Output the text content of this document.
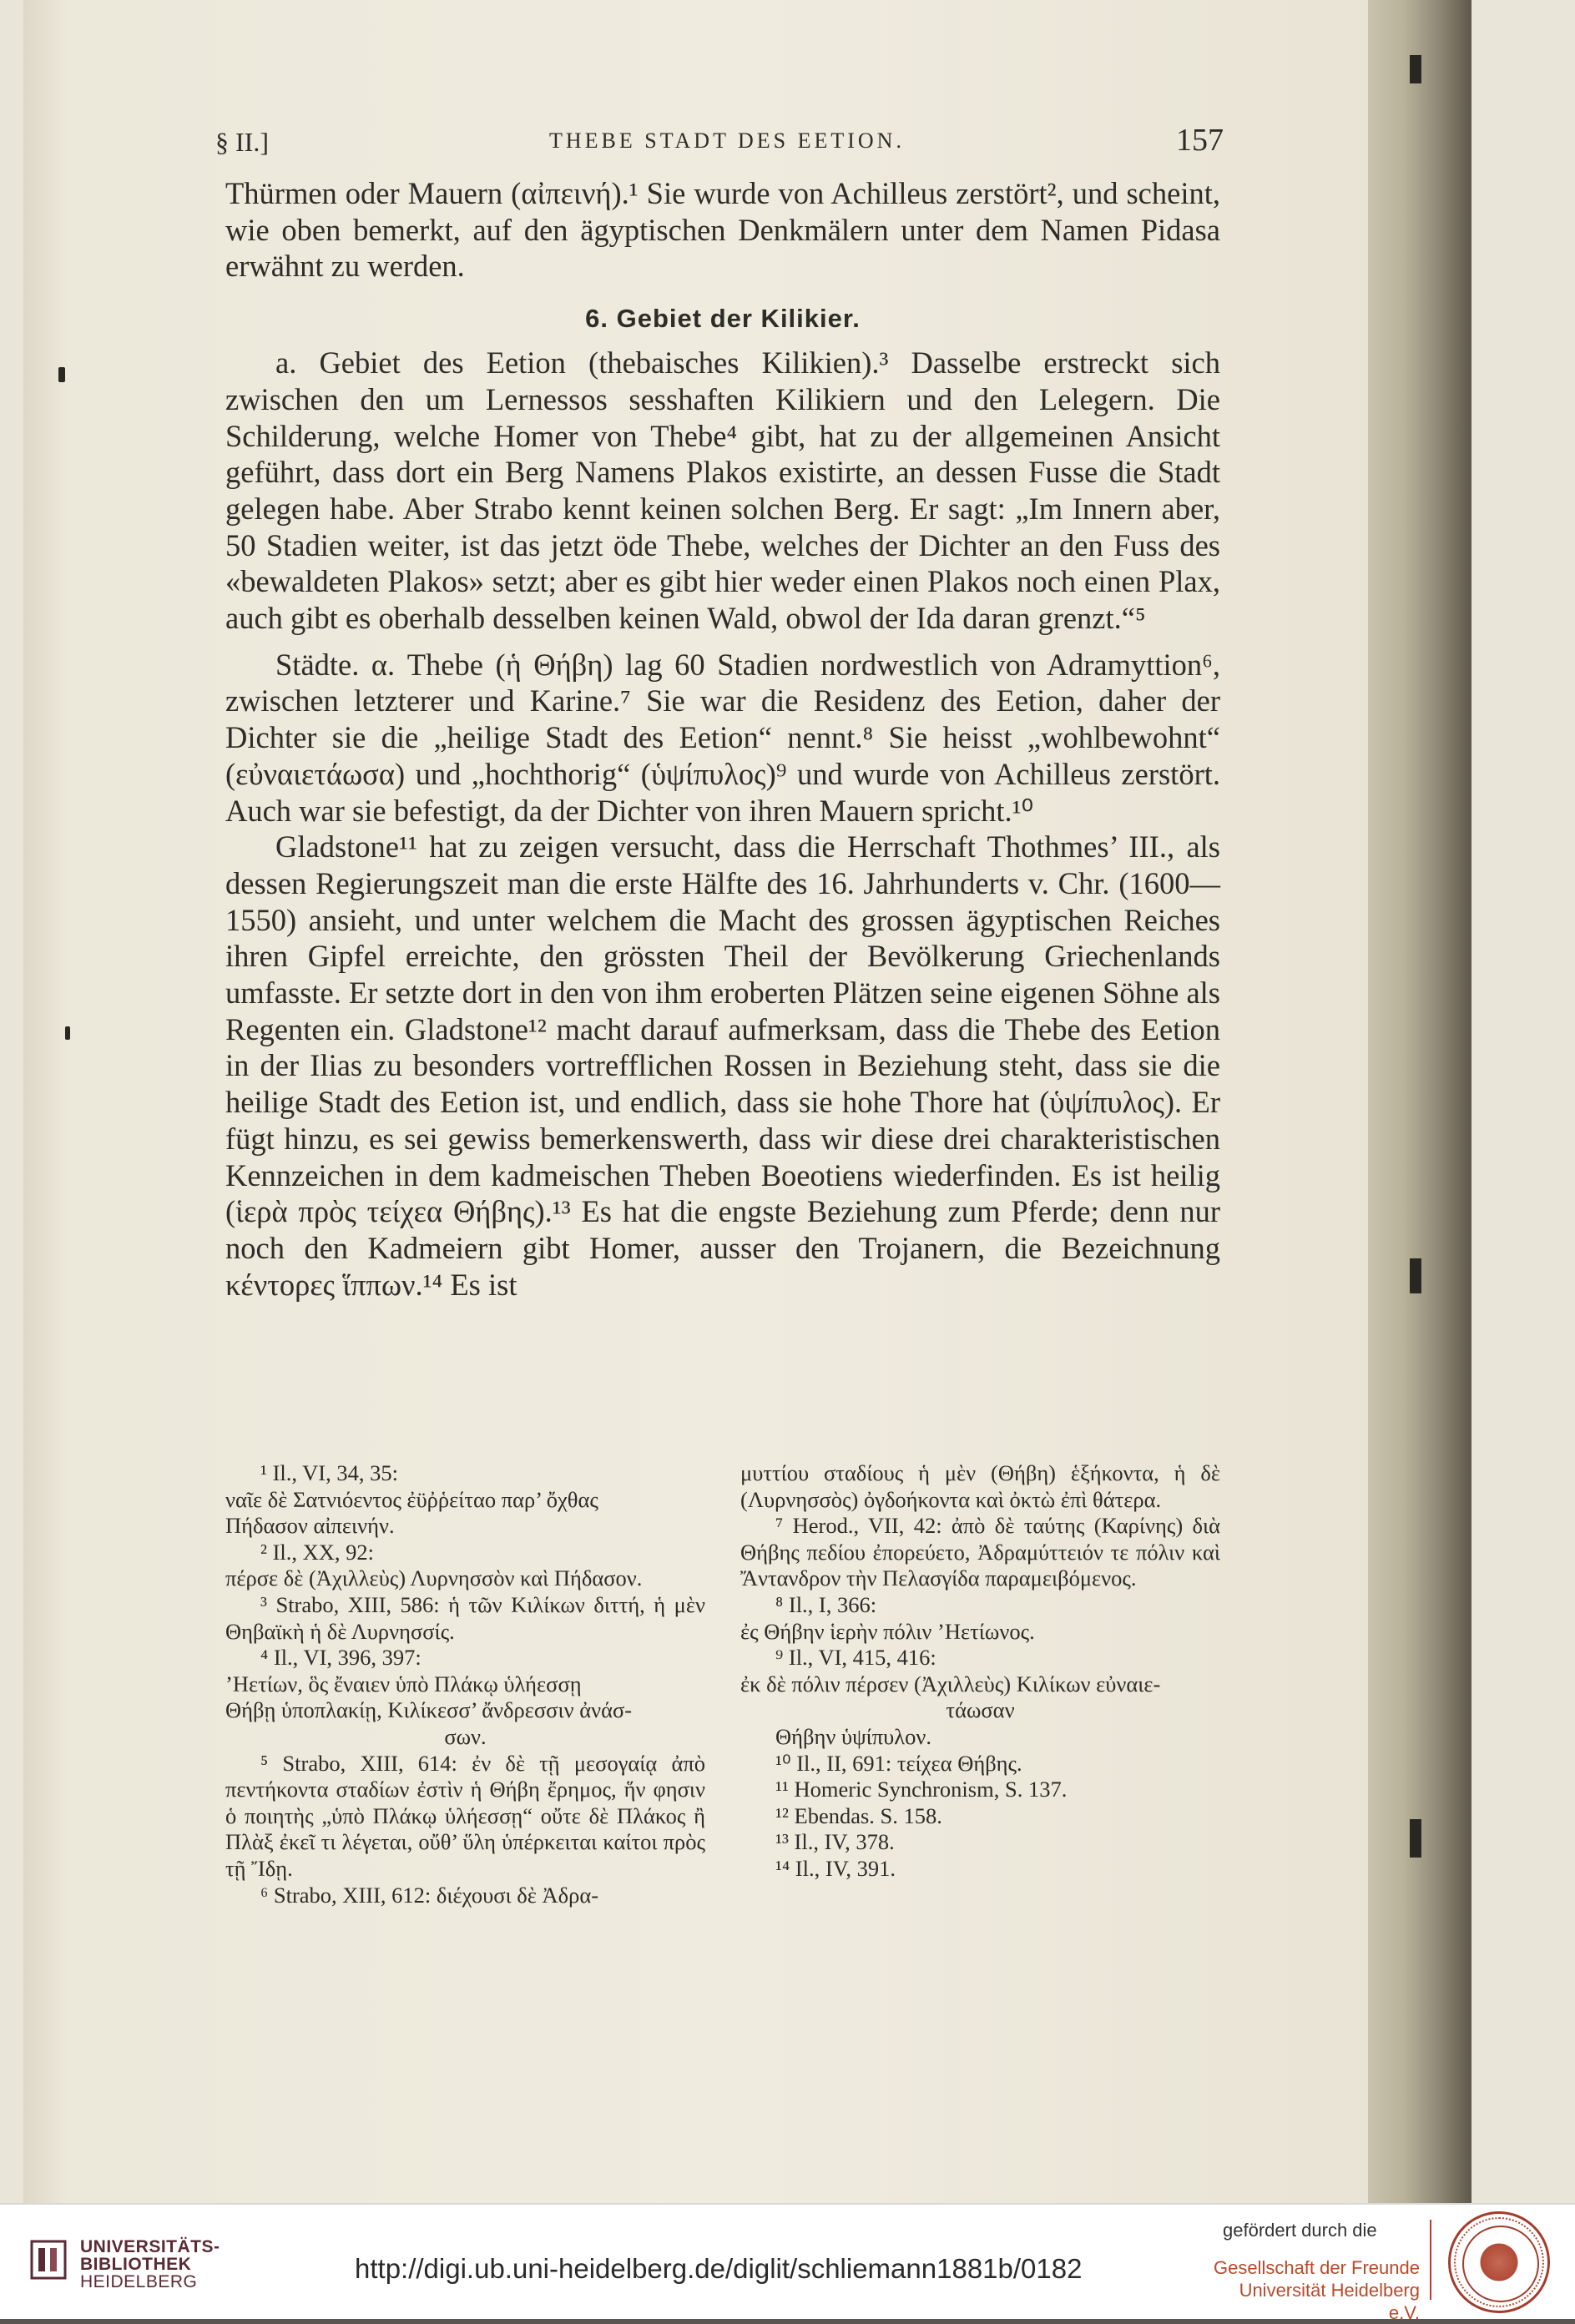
§ II.]	THEBE STADT DES EETION.	157

Thürmen oder Mauern (αἰπεινή).¹ Sie wurde von Achilleus zerstört², und scheint, wie oben bemerkt, auf den ägyptischen Denkmälern unter dem Namen Pidasa erwähnt zu werden.

6. Gebiet der Kilikier.

a. Gebiet des Eetion (thebaisches Kilikien).³ Dasselbe erstreckt sich zwischen den um Lernessos sesshaften Kilikiern und den Lelegern. Die Schilderung, welche Homer von Thebe⁴ gibt, hat zu der allgemeinen Ansicht geführt, dass dort ein Berg Namens Plakos existirte, an dessen Fusse die Stadt gelegen habe. Aber Strabo kennt keinen solchen Berg. Er sagt: „Im Innern aber, 50 Stadien weiter, ist das jetzt öde Thebe, welches der Dichter an den Fuss des «bewaldeten Plakos» setzt; aber es gibt hier weder einen Plakos noch einen Plax, auch gibt es oberhalb desselben keinen Wald, obwol der Ida daran grenzt.“⁵

Städte. α. Thebe (ἡ Θήβη) lag 60 Stadien nordwestlich von Adramyttion⁶, zwischen letzterer und Karine.⁷ Sie war die Residenz des Eetion, daher der Dichter sie die „heilige Stadt des Eetion“ nennt.⁸ Sie heisst „wohlbewohnt“ (εὐναιετάωσα) und „hochthorig“ (ὑψίπυλος)⁹ und wurde von Achilleus zerstört. Auch war sie befestigt, da der Dichter von ihren Mauern spricht.¹⁰

Gladstone¹¹ hat zu zeigen versucht, dass die Herrschaft Thothmes’ III., als dessen Regierungszeit man die erste Hälfte des 16. Jahrhunderts v. Chr. (1600—1550) ansieht, und unter welchem die Macht des grossen ägyptischen Reiches ihren Gipfel erreichte, den grössten Theil der Bevölkerung Griechenlands umfasste. Er setzte dort in den von ihm eroberten Plätzen seine eigenen Söhne als Regenten ein. Gladstone¹² macht darauf aufmerksam, dass die Thebe des Eetion in der Ilias zu besonders vortrefflichen Rossen in Beziehung steht, dass sie die heilige Stadt des Eetion ist, und endlich, dass sie hohe Thore hat (ὑψίπυλος). Er fügt hinzu, es sei gewiss bemerkenswerth, dass wir diese drei charakteristischen Kennzeichen in dem kadmeischen Theben Boeotiens wiederfinden. Es ist heilig (ἱερὰ πρὸς τείχεα Θήβης).¹³ Es hat die engste Beziehung zum Pferde; denn nur noch den Kadmeiern gibt Homer, ausser den Trojanern, die Bezeichnung κέντορες ἵππων.¹⁴ Es ist

¹ Il., VI, 34, 35:
ναῖε δὲ Σατνιόεντος ἐϋῤῥείταο παρ’ ὄχθας
Πήδασον αἰπεινήν.
² Il., XX, 92:
πέρσε δὲ (Ἀχιλλεὺς) Λυρνησσὸν καὶ Πήδασον.
³ Strabo, XIII, 586: ἡ τῶν Κιλίκων διττή, ἡ μὲν Θηβαϊκὴ ἡ δὲ Λυρνησσίς.
⁴ Il., VI, 396, 397:
’Ηετίων, ὃς ἔναιεν ὑπὸ Πλάκῳ ὑλήεσσῃ
Θήβῃ ὑποπλακίῃ, Κιλίκεσσ’ ἄνδρεσσιν ἀνάσ-
σων.
⁵ Strabo, XIII, 614: ἐν δὲ τῇ μεσογαίᾳ ἀπὸ πεντήκοντα σταδίων ἐστὶν ἡ Θήβη ἔρημος, ἥν φησιν ὁ ποιητὴς „ὑπὸ Πλάκῳ ὑλήεσσῃ“ οὔτε δὲ Πλάκος ἢ Πλὰξ ἐκεῖ τι λέγεται, οὔθ’ ὕλη ὑπέρκειται καίτοι πρὸς τῇ Ἴδῃ.
⁶ Strabo, XIII, 612: διέχουσι δὲ Ἀδρα-
μυττίου σταδίους ἡ μὲν (Θήβη) ἑξήκοντα, ἡ δὲ (Λυρνησσὸς) ὀγδοήκοντα καὶ ὀκτὼ ἐπὶ θάτερα.
⁷ Herod., VII, 42: ἀπὸ δὲ ταύτης (Καρίνης) διὰ Θήβης πεδίου ἐπορεύετο, Ἀδραμύττειόν τε πόλιν καὶ Ἄντανδρον τὴν Πελασγίδα παραμειβόμενος.
⁸ Il., I, 366:
ἐς Θήβην ἱερὴν πόλιν ’Ηετίωνος.
⁹ Il., VI, 415, 416:
ἐκ δὲ πόλιν πέρσεν (Ἀχιλλεὺς) Κιλίκων εὐναιε-
τάωσαν
Θήβην ὑψίπυλον.
¹⁰ Il., II, 691: τείχεα Θήβης.
¹¹ Homeric Synchronism, S. 137.
¹² Ebendas. S. 158.
¹³ Il., IV, 378.
¹⁴ Il., IV, 391.
UNIVERSITÄTS-
BIBLIOTHEK
HEIDELBERG	http://digi.ub.uni-heidelberg.de/diglit/schliemann1881b/0182
gefördert durch die
Gesellschaft der Freunde
Universität Heidelberg e.V.
